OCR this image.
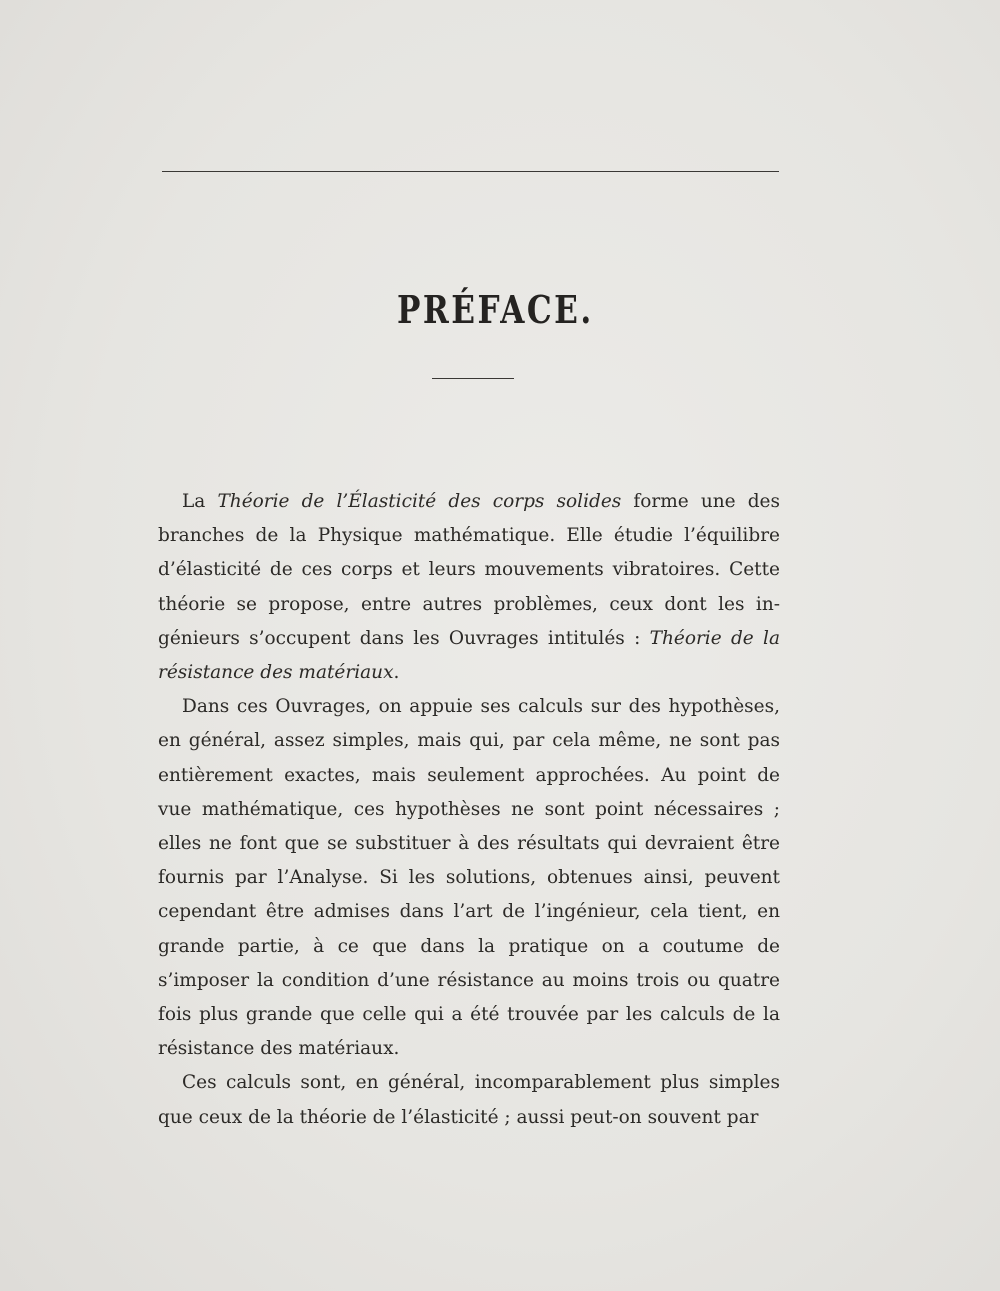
PRÉFACE.

La Théorie de l’Élasticité des corps solides forme une des branches de la Physique mathématique. Elle étudie l’équilibre d’élasticité de ces corps et leurs mouvements vibratoires. Cette théorie se propose, entre autres problèmes, ceux dont les ingénieurs s’occupent dans les Ouvrages intitulés : Théorie de la résistance des matériaux.

Dans ces Ouvrages, on appuie ses calculs sur des hypothèses, en général, assez simples, mais qui, par cela même, ne sont pas entièrement exactes, mais seulement approchées. Au point de vue mathématique, ces hypothèses ne sont point nécessaires ; elles ne font que se substituer à des résultats qui devraient être fournis par l’Analyse. Si les solutions, obtenues ainsi, peuvent cependant être admises dans l’art de l’ingénieur, cela tient, en grande partie, à ce que dans la pratique on a coutume de s’imposer la condition d’une résistance au moins trois ou quatre fois plus grande que celle qui a été trouvée par les calculs de la résistance des matériaux.

Ces calculs sont, en général, incomparablement plus simples que ceux de la théorie de l’élasticité ; aussi peut-on souvent par
